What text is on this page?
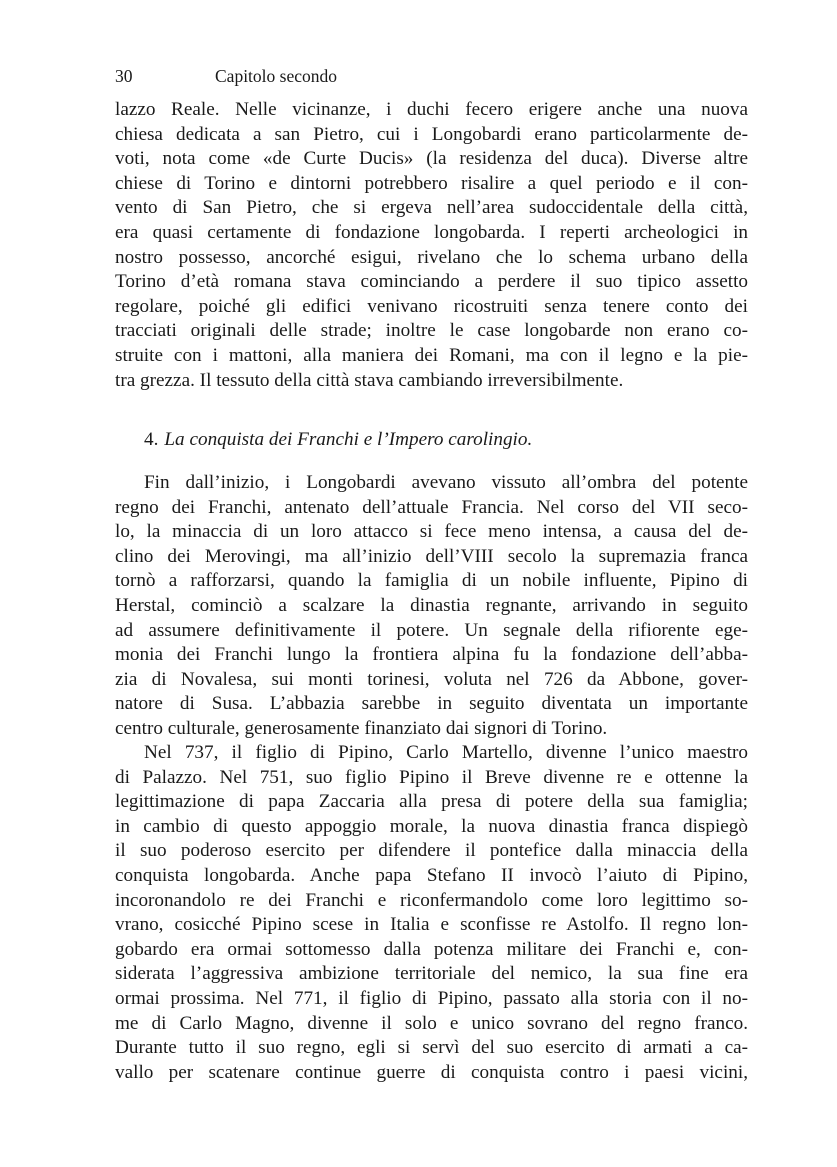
30	Capitolo secondo
lazzo Reale. Nelle vicinanze, i duchi fecero erigere anche una nuova
chiesa dedicata a san Pietro, cui i Longobardi erano particolarmente de-
voti, nota come «de Curte Ducis» (la residenza del duca). Diverse altre
chiese di Torino e dintorni potrebbero risalire a quel periodo e il con-
vento di San Pietro, che si ergeva nell’area sudoccidentale della città,
era quasi certamente di fondazione longobarda. I reperti archeologici in
nostro possesso, ancorché esigui, rivelano che lo schema urbano della
Torino d’età romana stava cominciando a perdere il suo tipico assetto
regolare, poiché gli edifici venivano ricostruiti senza tenere conto dei
tracciati originali delle strade; inoltre le case longobarde non erano co-
struite con i mattoni, alla maniera dei Romani, ma con il legno e la pie-
tra grezza. Il tessuto della città stava cambiando irreversibilmente.
4. La conquista dei Franchi e l’Impero carolingio.
Fin dall’inizio, i Longobardi avevano vissuto all’ombra del potente
regno dei Franchi, antenato dell’attuale Francia. Nel corso del VII seco-
lo, la minaccia di un loro attacco si fece meno intensa, a causa del de-
clino dei Merovingi, ma all’inizio dell’VIII secolo la supremazia franca
tornò a rafforzarsi, quando la famiglia di un nobile influente, Pipino di
Herstal, cominciò a scalzare la dinastia regnante, arrivando in seguito
ad assumere definitivamente il potere. Un segnale della rifiorente ege-
monia dei Franchi lungo la frontiera alpina fu la fondazione dell’abba-
zia di Novalesa, sui monti torinesi, voluta nel 726 da Abbone, gover-
natore di Susa. L’abbazia sarebbe in seguito diventata un importante
centro culturale, generosamente finanziato dai signori di Torino.
Nel 737, il figlio di Pipino, Carlo Martello, divenne l’unico maestro
di Palazzo. Nel 751, suo figlio Pipino il Breve divenne re e ottenne la
legittimazione di papa Zaccaria alla presa di potere della sua famiglia;
in cambio di questo appoggio morale, la nuova dinastia franca dispiegò
il suo poderoso esercito per difendere il pontefice dalla minaccia della
conquista longobarda. Anche papa Stefano II invocò l’aiuto di Pipino,
incoronandolo re dei Franchi e riconfermandolo come loro legittimo so-
vrano, cosicché Pipino scese in Italia e sconfisse re Astolfo. Il regno lon-
gobardo era ormai sottomesso dalla potenza militare dei Franchi e, con-
siderata l’aggressiva ambizione territoriale del nemico, la sua fine era
ormai prossima. Nel 771, il figlio di Pipino, passato alla storia con il no-
me di Carlo Magno, divenne il solo e unico sovrano del regno franco.
Durante tutto il suo regno, egli si servì del suo esercito di armati a ca-
vallo per scatenare continue guerre di conquista contro i paesi vicini,
